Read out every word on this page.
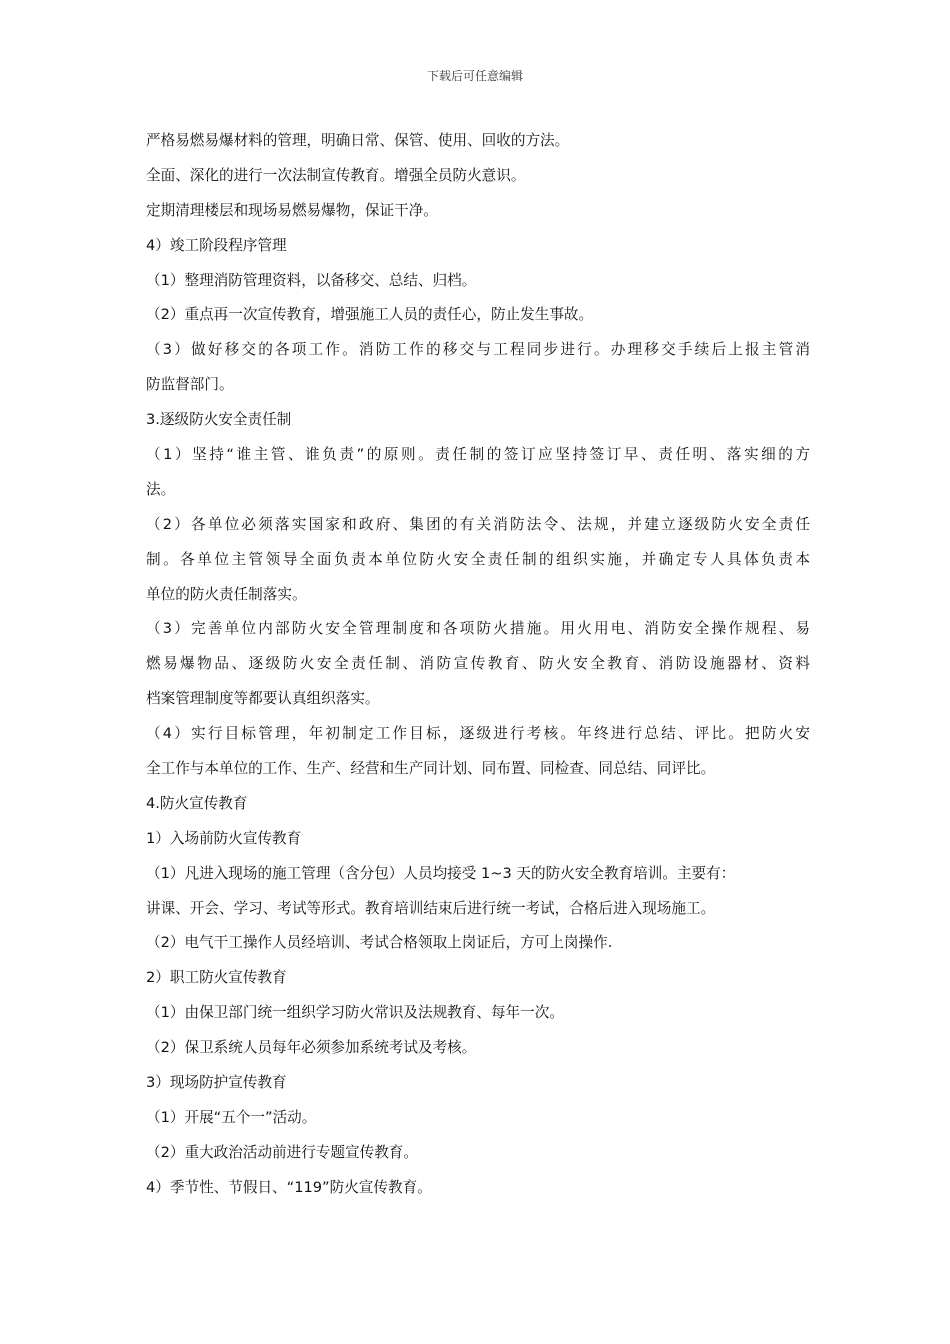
下载后可任意编辑
严格易燃易爆材料的管理，明确日常、保管、使用、回收的方法。
全面、深化的进行一次法制宣传教育。增强全员防火意识。
定期清理楼层和现场易燃易爆物，保证干净。
4）竣工阶段程序管理
（1）整理消防管理资料，以备移交、总结、归档。
（2）重点再一次宣传教育，增强施工人员的责任心，防止发生事故。
（3）做好移交的各项工作。消防工作的移交与工程同步进行。办理移交手续后上报主管消
防监督部门。
3.逐级防火安全责任制
（1）坚持“谁主管、谁负责”的原则。责任制的签订应坚持签订早、责任明、落实细的方
法。
（2）各单位必须落实国家和政府、集团的有关消防法令、法规，并建立逐级防火安全责任
制。各单位主管领导全面负责本单位防火安全责任制的组织实施，并确定专人具体负责本
单位的防火责任制落实。
（3）完善单位内部防火安全管理制度和各项防火措施。用火用电、消防安全操作规程、易
燃易爆物品、逐级防火安全责任制、消防宣传教育、防火安全教育、消防设施器材、资料
档案管理制度等都要认真组织落实。
（4）实行目标管理，年初制定工作目标，逐级进行考核。年终进行总结、评比。把防火安
全工作与本单位的工作、生产、经营和生产同计划、同布置、同检查、同总结、同评比。
4.防火宣传教育
1）入场前防火宣传教育
（1）凡进入现场的施工管理（含分包）人员均接受 1~3 天的防火安全教育培训。主要有：
讲课、开会、学习、考试等形式。教育培训结束后进行统一考试，合格后进入现场施工。
（2）电气干工操作人员经培训、考试合格领取上岗证后，方可上岗操作.
2）职工防火宣传教育
（1）由保卫部门统一组织学习防火常识及法规教育、每年一次。
（2）保卫系统人员每年必须参加系统考试及考核。
3）现场防护宣传教育
（1）开展“五个一”活动。
（2）重大政治活动前进行专题宣传教育。
4）季节性、节假日、“119”防火宣传教育。
